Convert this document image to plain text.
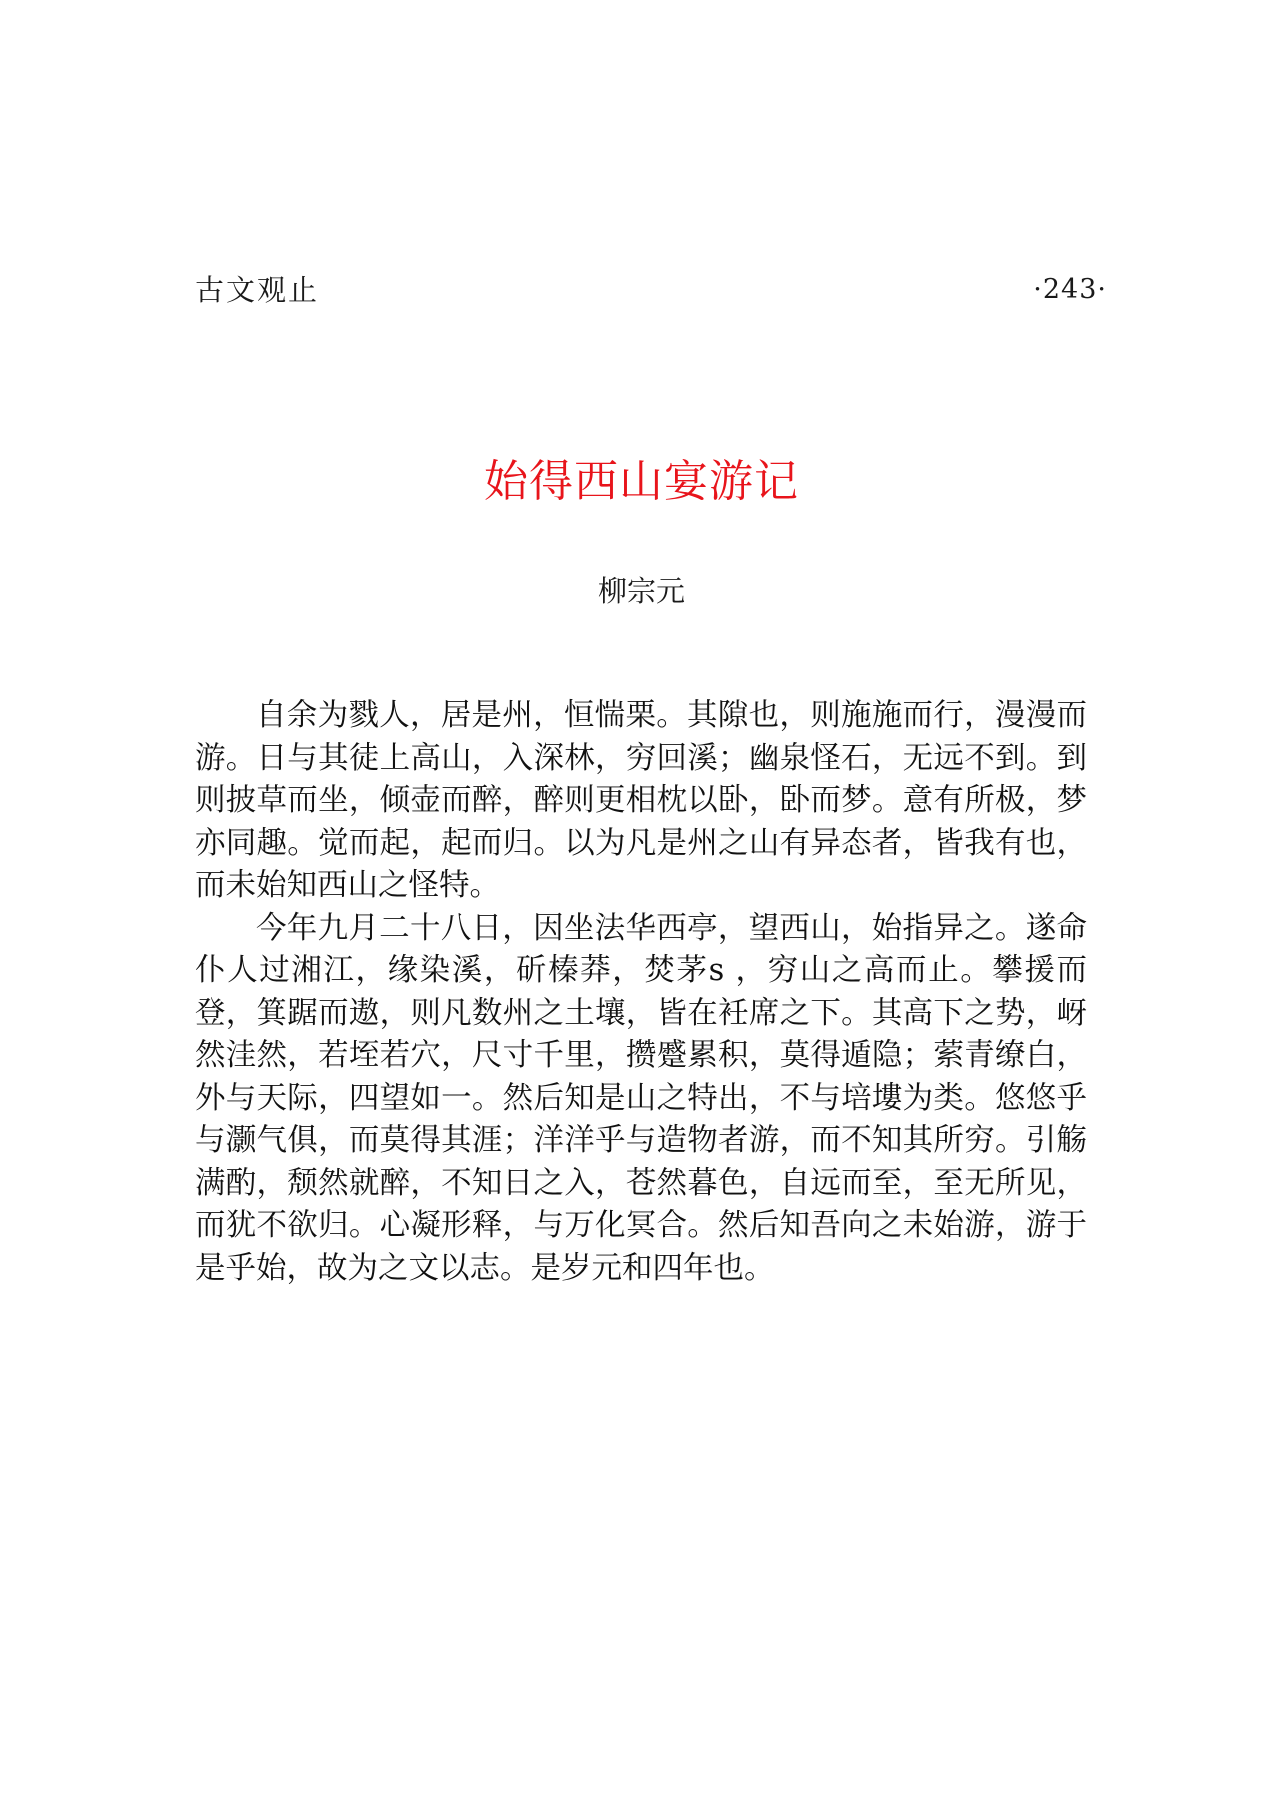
古文观止	·243·
始得西山宴游记
柳宗元

自余为戮人，居是州，恒惴栗。其隙也，则施施而行，漫漫而游。日与其徒上高山，入深林，穷回溪；幽泉怪石，无远不到。到则披草而坐，倾壶而醉，醉则更相枕以卧，卧而梦。意有所极，梦亦同趣。觉而起，起而归。以为凡是州之山有异态者，皆我有也，而未始知西山之怪特。

今年九月二十八日，因坐法华西亭，望西山，始指异之。遂命仆人过湘江，缘染溪，斫榛莽，焚茅s ，穷山之高而止。攀援而登，箕踞而遨，则凡数州之土壤，皆在衽席之下。其高下之势，岈然洼然，若垤若穴，尺寸千里，攒蹙累积，莫得遁隐；萦青缭白，外与天际，四望如一。然后知是山之特出，不与培塿为类。悠悠乎与灏气俱，而莫得其涯；洋洋乎与造物者游，而不知其所穷。引觞满酌，颓然就醉，不知日之入，苍然暮色，自远而至，至无所见，而犹不欲归。心凝形释，与万化冥合。然后知吾向之未始游，游于是乎始，故为之文以志。是岁元和四年也。
